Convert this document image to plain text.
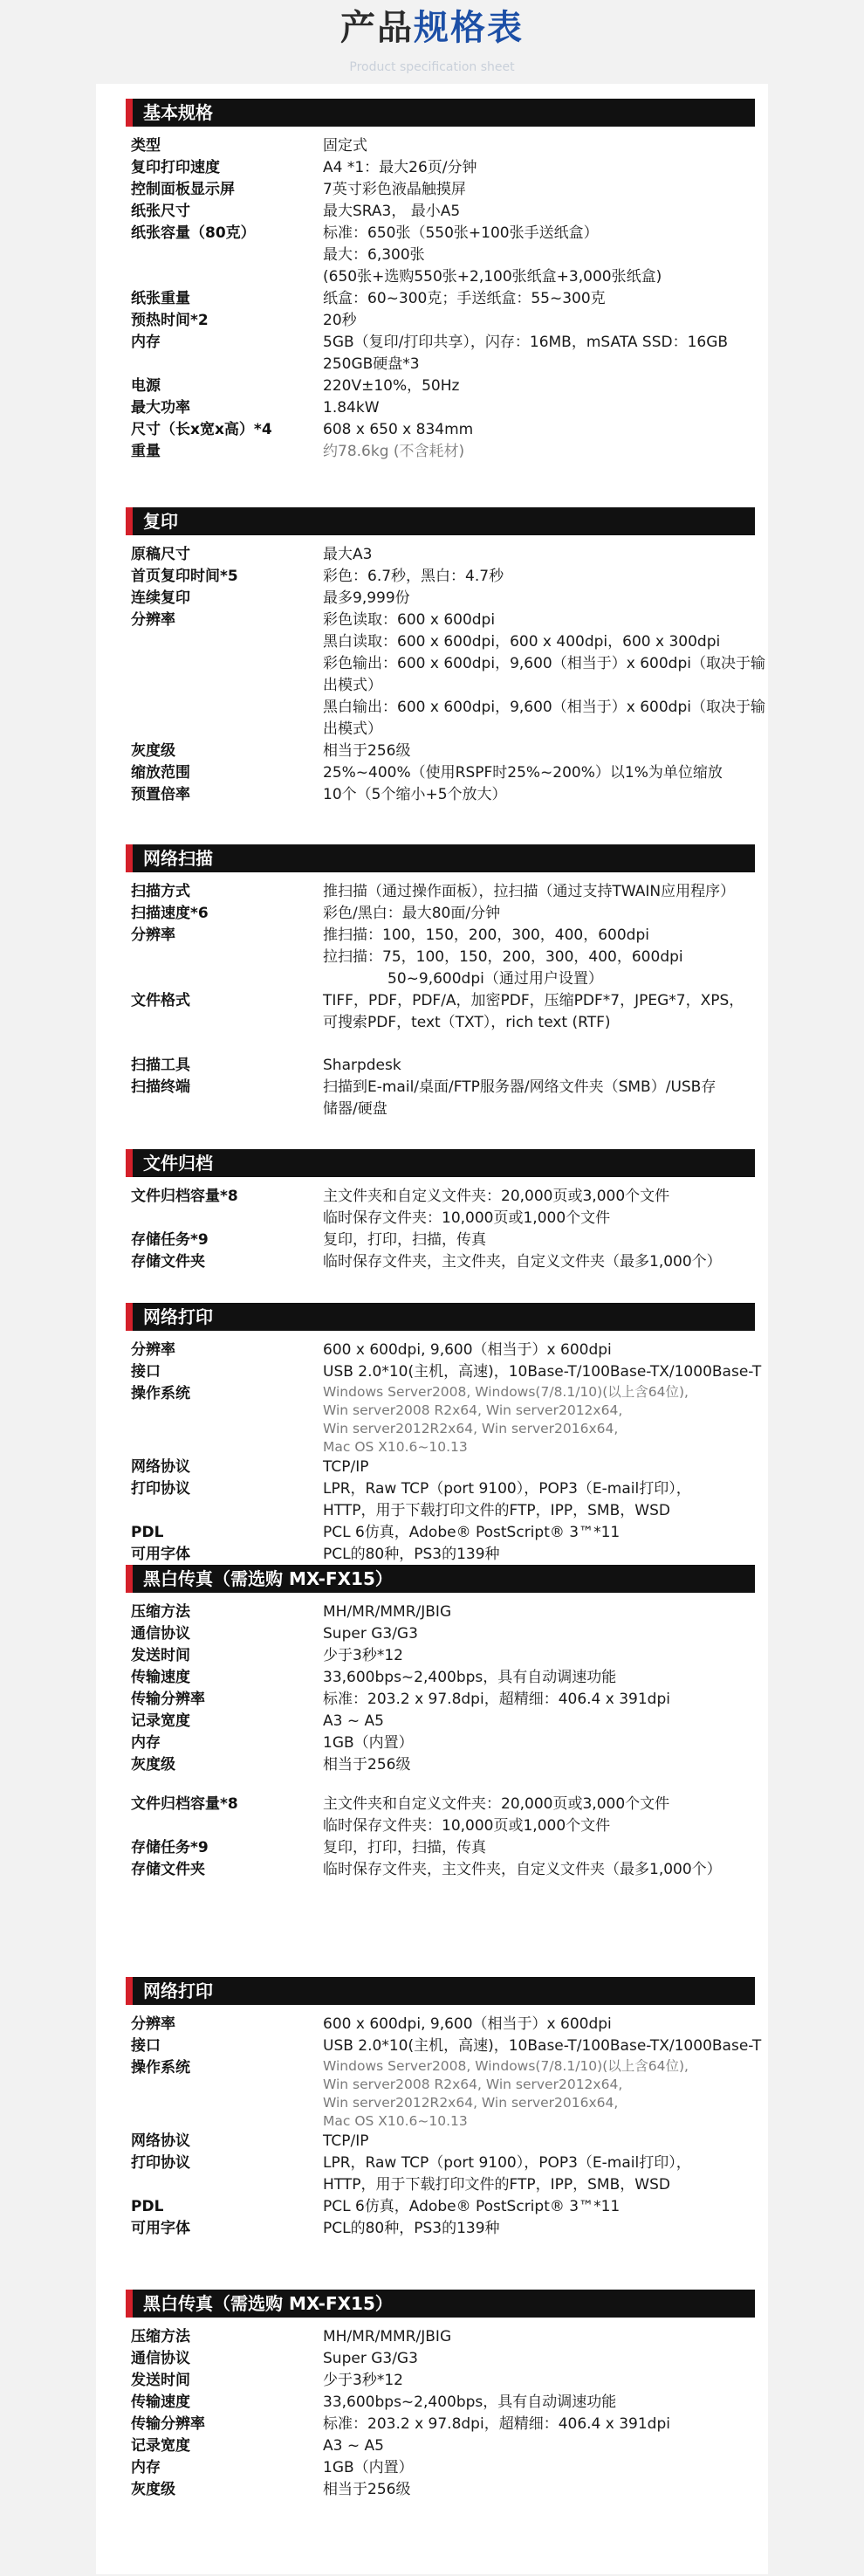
产品规格表
Product specification sheet
基本规格
类型	固定式
复印打印速度	A4 *1：最大26页/分钟
控制面板显示屏	7英寸彩色液晶触摸屏
纸张尺寸	最大SRA3， 最小A5
纸张容量（80克）	标准：650张（550张+100张手送纸盒）
最大：6,300张
(650张+选购550张+2,100张纸盒+3,000张纸盒)
纸张重量	纸盒：60~300克；手送纸盒：55~300克
预热时间*2	20秒
内存	5GB（复印/打印共享），闪存：16MB，mSATA SSD：16GB
250GB硬盘*3
电源	220V±10%，50Hz
最大功率	1.84kW
尺寸（长x宽x高）*4	608 x 650 x 834mm
重量	约78.6kg (不含耗材)
复印
原稿尺寸	最大A3
首页复印时间*5	彩色：6.7秒，黑白：4.7秒
连续复印	最多9,999份
分辨率	彩色读取：600 x 600dpi
黑白读取：600 x 600dpi，600 x 400dpi，600 x 300dpi
彩色输出：600 x 600dpi，9,600（相当于）x 600dpi（取决于输
出模式）
黑白输出：600 x 600dpi，9,600（相当于）x 600dpi（取决于输
出模式）
灰度级	相当于256级
缩放范围	25%~400%（使用RSPF时25%~200%）以1%为单位缩放
预置倍率	10个（5个缩小+5个放大）
网络扫描
扫描方式	推扫描（通过操作面板），拉扫描（通过支持TWAIN应用程序）
扫描速度*6	彩色/黑白：最大80面/分钟
分辨率	推扫描：100，150，200，300，400，600dpi
拉扫描：75，100，150，200，300，400，600dpi
50~9,600dpi（通过用户设置）
文件格式	TIFF，PDF，PDF/A，加密PDF，压缩PDF*7，JPEG*7，XPS，
可搜索PDF，text（TXT），rich text (RTF)
扫描工具	Sharpdesk
扫描终端	扫描到E-mail/桌面/FTP服务器/网络文件夹（SMB）/USB存
储器/硬盘
文件归档
文件归档容量*8	主文件夹和自定义文件夹：20,000页或3,000个文件
临时保存文件夹：10,000页或1,000个文件
存储任务*9	复印，打印，扫描，传真
存储文件夹	临时保存文件夹，主文件夹，自定义文件夹（最多1,000个）
网络打印
分辨率	600 x 600dpi, 9,600（相当于）x 600dpi
接口	USB 2.0*10(主机，高速)，10Base-T/100Base-TX/1000Base-T
操作系统	Windows Server2008, Windows(7/8.1/10)(以上含64位),
Win server2008 R2x64, Win server2012x64,
Win server2012R2x64, Win server2016x64,
Mac OS X10.6~10.13
网络协议	TCP/IP
打印协议	LPR，Raw TCP（port 9100），POP3（E-mail打印），
HTTP，用于下载打印文件的FTP，IPP，SMB，WSD
PDL	PCL 6仿真，Adobe® PostScript® 3™*11
可用字体	PCL的80种，PS3的139种
黑白传真（需选购 MX-FX15）
压缩方法	MH/MR/MMR/JBIG
通信协议	Super G3/G3
发送时间	少于3秒*12
传输速度	33,600bps~2,400bps，具有自动调速功能
传输分辨率	标准：203.2 x 97.8dpi，超精细：406.4 x 391dpi
记录宽度	A3 ~ A5
内存	1GB（内置）
灰度级	相当于256级
文件归档容量*8	主文件夹和自定义文件夹：20,000页或3,000个文件
临时保存文件夹：10,000页或1,000个文件
存储任务*9	复印，打印，扫描，传真
存储文件夹	临时保存文件夹，主文件夹，自定义文件夹（最多1,000个）
网络打印
分辨率	600 x 600dpi, 9,600（相当于）x 600dpi
接口	USB 2.0*10(主机，高速)，10Base-T/100Base-TX/1000Base-T
操作系统	Windows Server2008, Windows(7/8.1/10)(以上含64位),
Win server2008 R2x64, Win server2012x64,
Win server2012R2x64, Win server2016x64,
Mac OS X10.6~10.13
网络协议	TCP/IP
打印协议	LPR，Raw TCP（port 9100），POP3（E-mail打印），
HTTP，用于下载打印文件的FTP，IPP，SMB，WSD
PDL	PCL 6仿真，Adobe® PostScript® 3™*11
可用字体	PCL的80种，PS3的139种
黑白传真（需选购 MX-FX15）
压缩方法	MH/MR/MMR/JBIG
通信协议	Super G3/G3
发送时间	少于3秒*12
传输速度	33,600bps~2,400bps，具有自动调速功能
传输分辨率	标准：203.2 x 97.8dpi，超精细：406.4 x 391dpi
记录宽度	A3 ~ A5
内存	1GB（内置）
灰度级	相当于256级
